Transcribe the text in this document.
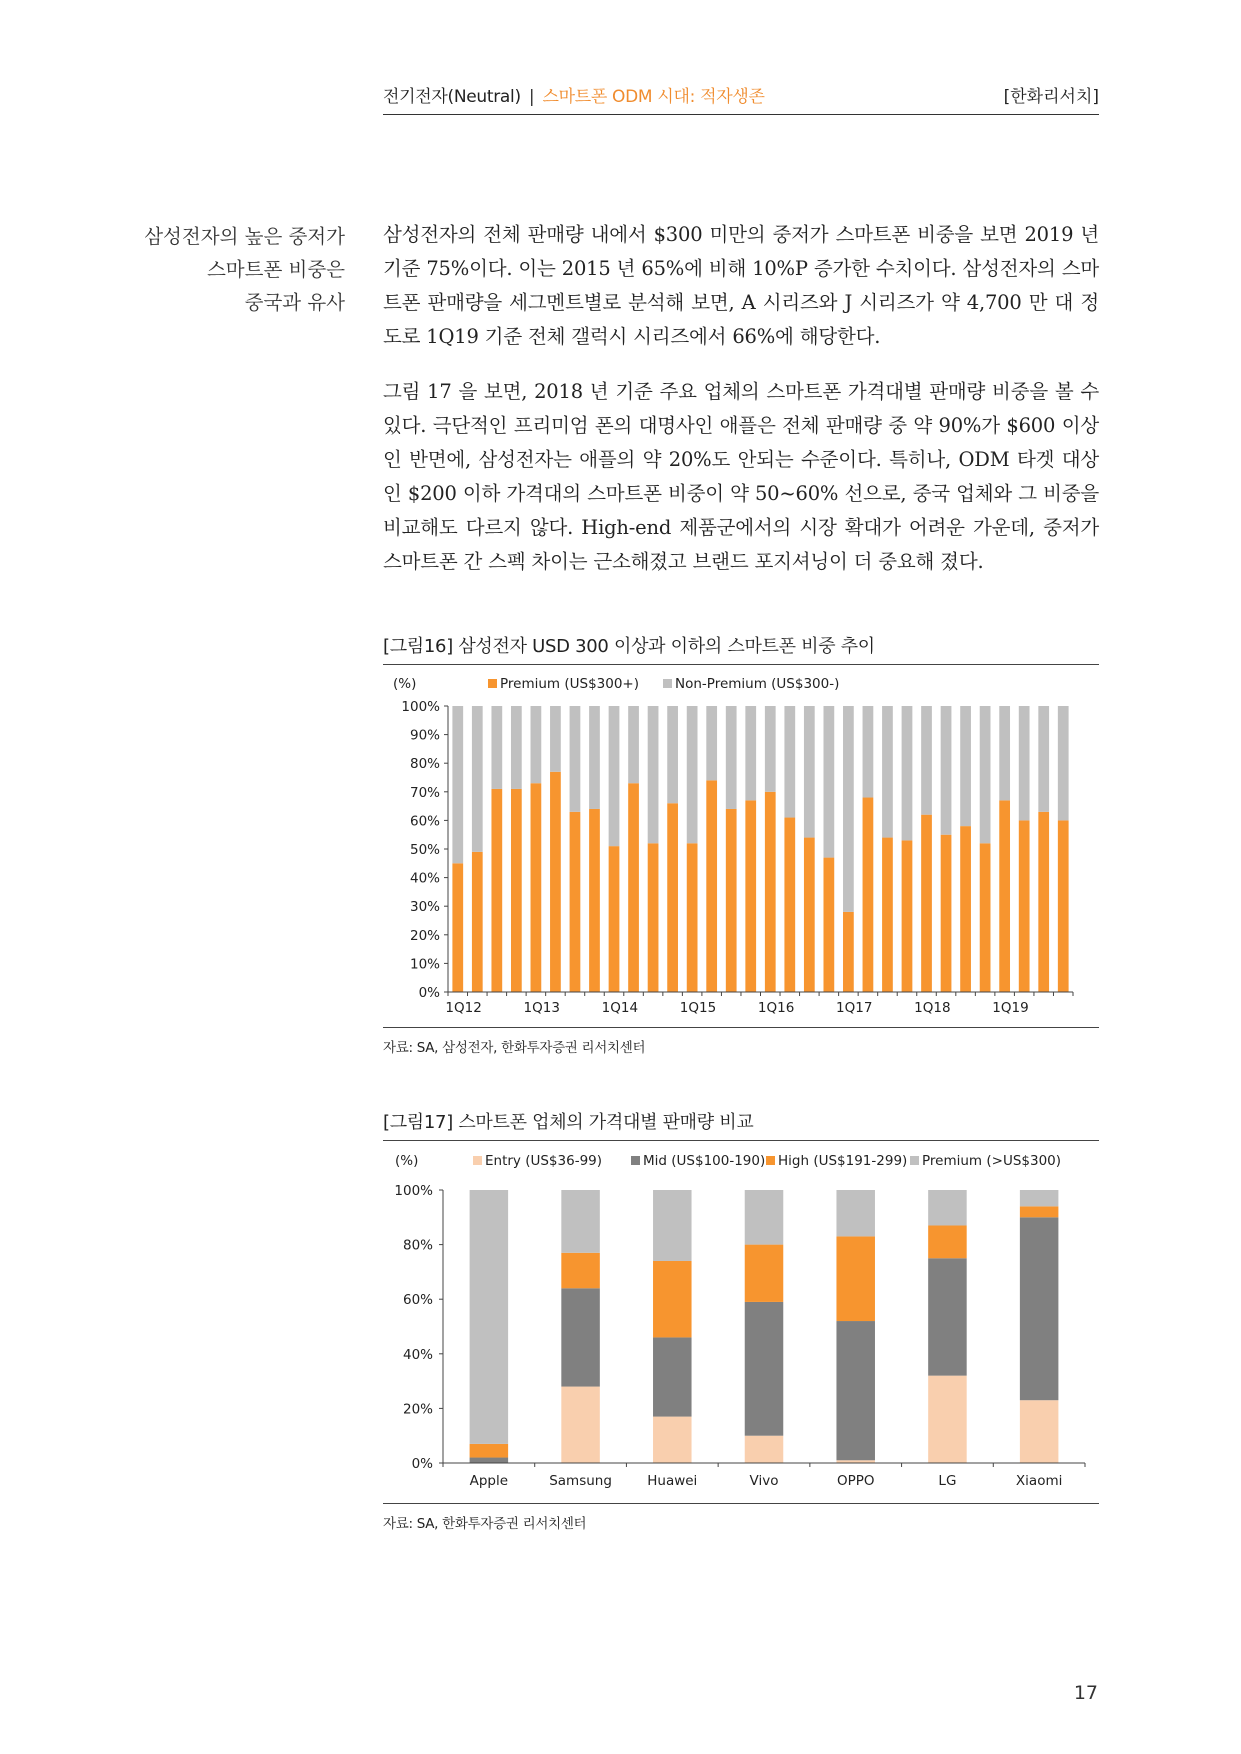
전기전자(Neutral) | 스마트폰 ODM 시대: 적자생존	[한화리서치]
삼성전자의 높은 중저가
스마트폰 비중은
중국과 유사
삼성전자의 전체 판매량 내에서 $300 미만의 중저가 스마트폰 비중을 보면 2019 년 기준 75%이다. 이는 2015 년 65%에 비해 10%P 증가한 수치이다. 삼성전자의 스마트폰 판매량을 세그멘트별로 분석해 보면, A 시리즈와 J 시리즈가 약 4,700 만 대 정도로 1Q19 기준 전체 갤럭시 시리즈에서 66%에 해당한다.
그림 17 을 보면, 2018 년 기준 주요 업체의 스마트폰 가격대별 판매량 비중을 볼 수 있다. 극단적인 프리미엄 폰의 대명사인 애플은 전체 판매량 중 약 90%가 $600 이상인 반면에, 삼성전자는 애플의 약 20%도 안되는 수준이다. 특히나, ODM 타겟 대상인 $200 이하 가격대의 스마트폰 비중이 약 50~60% 선으로, 중국 업체와 그 비중을 비교해도 다르지 않다. High-end 제품군에서의 시장 확대가 어려운 가운데, 중저가 스마트폰 간 스펙 차이는 근소해졌고 브랜드 포지셔닝이 더 중요해 졌다.
[그림16] 삼성전자 USD 300 이상과 이하의 스마트폰 비중 추이
Premium (US$300+)	Non-Premium (US$300-)
(%)
0%
10%
20%
30%
40%
50%
60%
70%
80%
90%
100%
1Q12	1Q13	1Q14	1Q15	1Q16	1Q17	1Q18	1Q19
자료: SA, 삼성전자, 한화투자증권 리서치센터
[그림17] 스마트폰 업체의 가격대별 판매량 비교
Entry (US$36-99)	Mid (US$100-190) High (US$191-299) Premium (>US$300)
(%)
0%
20%
40%
60%
80%
100%
Apple	Samsung	Huawei	Vivo	OPPO	LG	Xiaomi
자료: SA, 한화투자증권 리서치센터
17
